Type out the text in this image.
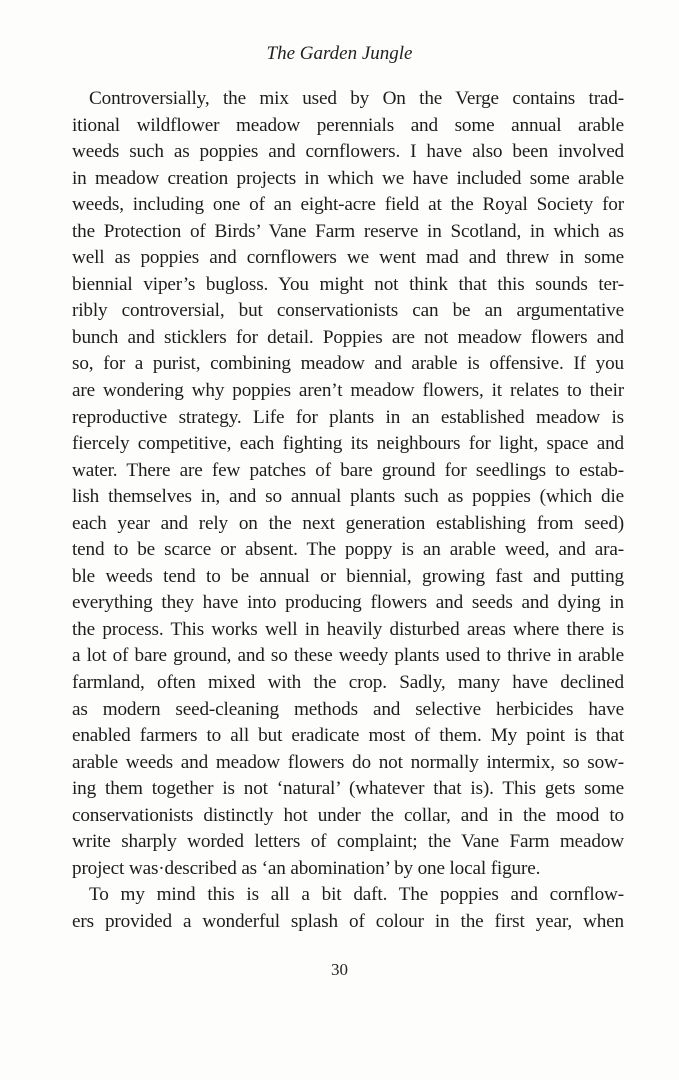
The Garden Jungle
Controversially, the mix used by On the Verge contains trad-
itional wildflower meadow perennials and some annual arable
weeds such as poppies and cornflowers. I have also been involved
in meadow creation projects in which we have included some arable
weeds, including one of an eight-acre field at the Royal Society for
the Protection of Birds’ Vane Farm reserve in Scotland, in which as
well as poppies and cornflowers we went mad and threw in some
biennial viper’s bugloss. You might not think that this sounds ter-
ribly controversial, but conservationists can be an argumentative
bunch and sticklers for detail. Poppies are not meadow flowers and
so, for a purist, combining meadow and arable is offensive. If you
are wondering why poppies aren’t meadow flowers, it relates to their
reproductive strategy. Life for plants in an established meadow is
fiercely competitive, each fighting its neighbours for light, space and
water. There are few patches of bare ground for seedlings to estab-
lish themselves in, and so annual plants such as poppies (which die
each year and rely on the next generation establishing from seed)
tend to be scarce or absent. The poppy is an arable weed, and ara-
ble weeds tend to be annual or biennial, growing fast and putting
everything they have into producing flowers and seeds and dying in
the process. This works well in heavily disturbed areas where there is
a lot of bare ground, and so these weedy plants used to thrive in arable
farmland, often mixed with the crop. Sadly, many have declined
as modern seed-cleaning methods and selective herbicides have
enabled farmers to all but eradicate most of them. My point is that
arable weeds and meadow flowers do not normally intermix, so sow-
ing them together is not ‘natural’ (whatever that is). This gets some
conservationists distinctly hot under the collar, and in the mood to
write sharply worded letters of complaint; the Vane Farm meadow
project was·described as ‘an abomination’ by one local figure.
To my mind this is all a bit daft. The poppies and cornflow-
ers provided a wonderful splash of colour in the first year, when
30
